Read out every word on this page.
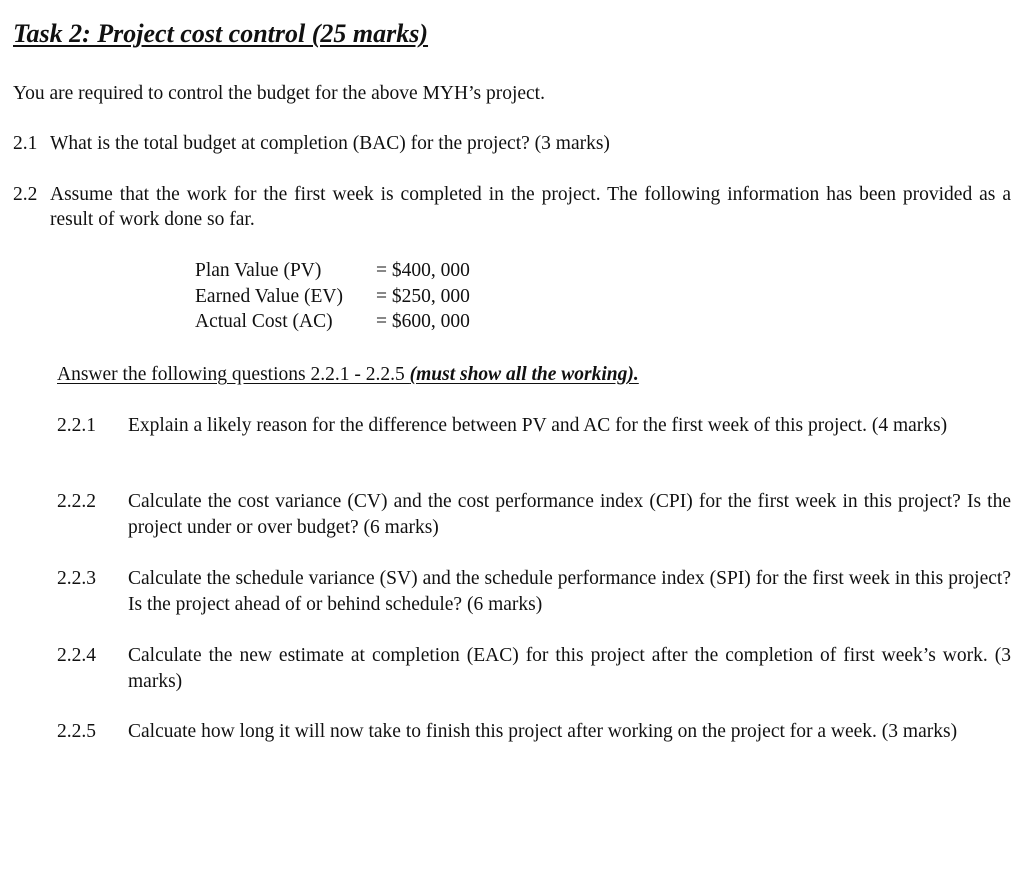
Task 2: Project cost control (25 marks)
You are required to control the budget for the above MYH’s project.
2.1 What is the total budget at completion (BAC) for the project? (3 marks)
2.2 Assume that the work for the first week is completed in the project. The following information has been provided as a result of work done so far.
Plan Value (PV)	= $400, 000
Earned Value (EV) = $250, 000
Actual Cost (AC) = $600, 000
Answer the following questions 2.2.1 - 2.2.5 (must show all the working).
2.2.1 Explain a likely reason for the difference between PV and AC for the first week of this project. (4 marks)
2.2.2 Calculate the cost variance (CV) and the cost performance index (CPI) for the first week in this project? Is the project under or over budget? (6 marks)
2.2.3 Calculate the schedule variance (SV) and the schedule performance index (SPI) for the first week in this project? Is the project ahead of or behind schedule? (6 marks)
2.2.4 Calculate the new estimate at completion (EAC) for this project after the completion of first week’s work. (3 marks)
2.2.5 Calcuate how long it will now take to finish this project after working on the project for a week. (3 marks)
